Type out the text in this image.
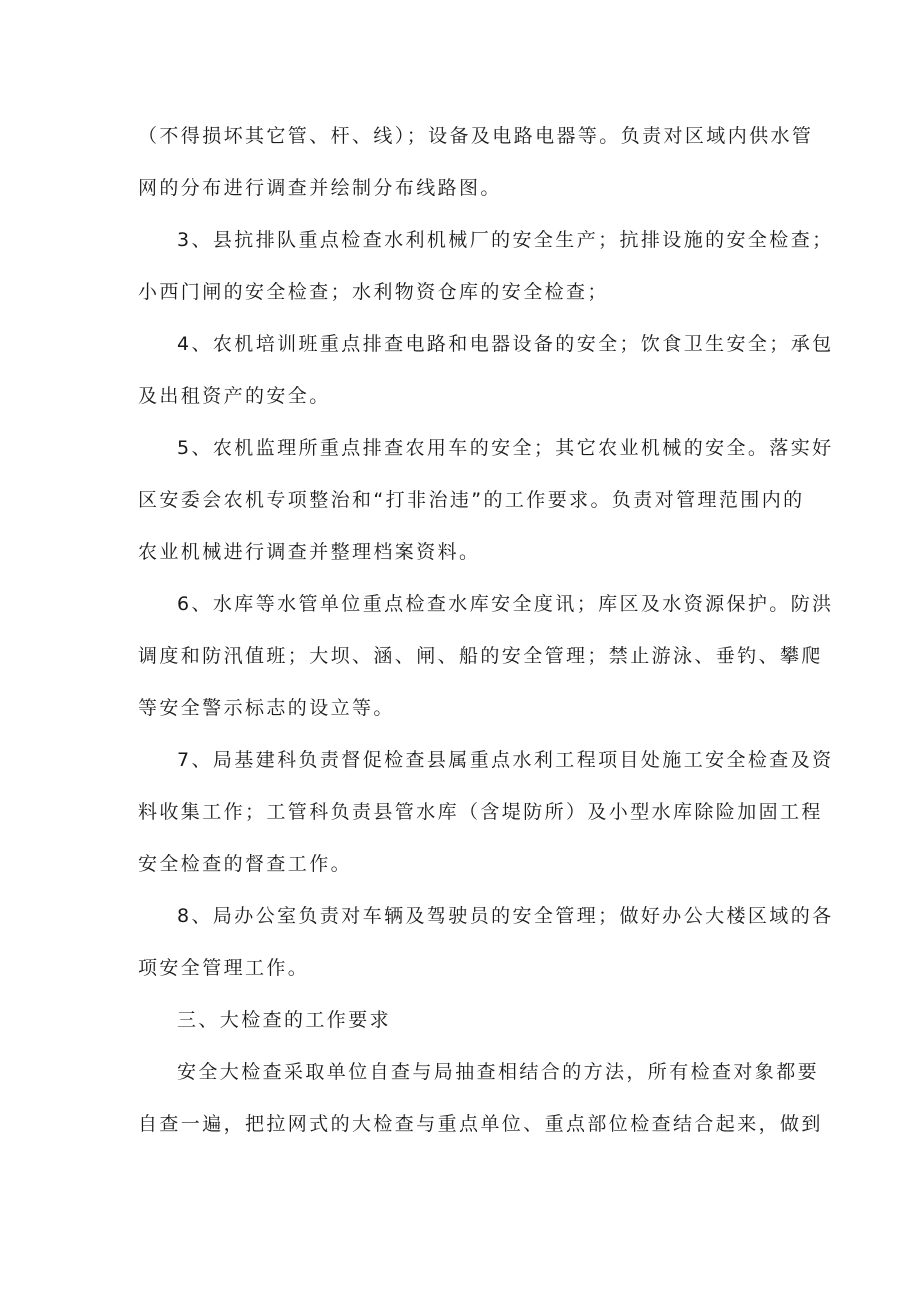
（不得损坏其它管、杆、线）；设备及电路电器等。负责对区域内供水管
网的分布进行调查并绘制分布线路图。
3、县抗排队重点检查水利机械厂的安全生产；抗排设施的安全检查；
小西门闸的安全检查；水利物资仓库的安全检查；
4、农机培训班重点排查电路和电器设备的安全；饮食卫生安全；承包
及出租资产的安全。
5、农机监理所重点排查农用车的安全；其它农业机械的安全。落实好
区安委会农机专项整治和“打非治违”的工作要求。负责对管理范围内的
农业机械进行调查并整理档案资料。
6、水库等水管单位重点检查水库安全度讯；库区及水资源保护。防洪
调度和防汛值班；大坝、涵、闸、船的安全管理；禁止游泳、垂钓、攀爬
等安全警示标志的设立等。
7、局基建科负责督促检查县属重点水利工程项目处施工安全检查及资
料收集工作；工管科负责县管水库（含堤防所）及小型水库除险加固工程
安全检查的督查工作。
8、局办公室负责对车辆及驾驶员的安全管理；做好办公大楼区域的各
项安全管理工作。
三、大检查的工作要求
安全大检查采取单位自查与局抽查相结合的方法，所有检查对象都要
自查一遍，把拉网式的大检查与重点单位、重点部位检查结合起来，做到
